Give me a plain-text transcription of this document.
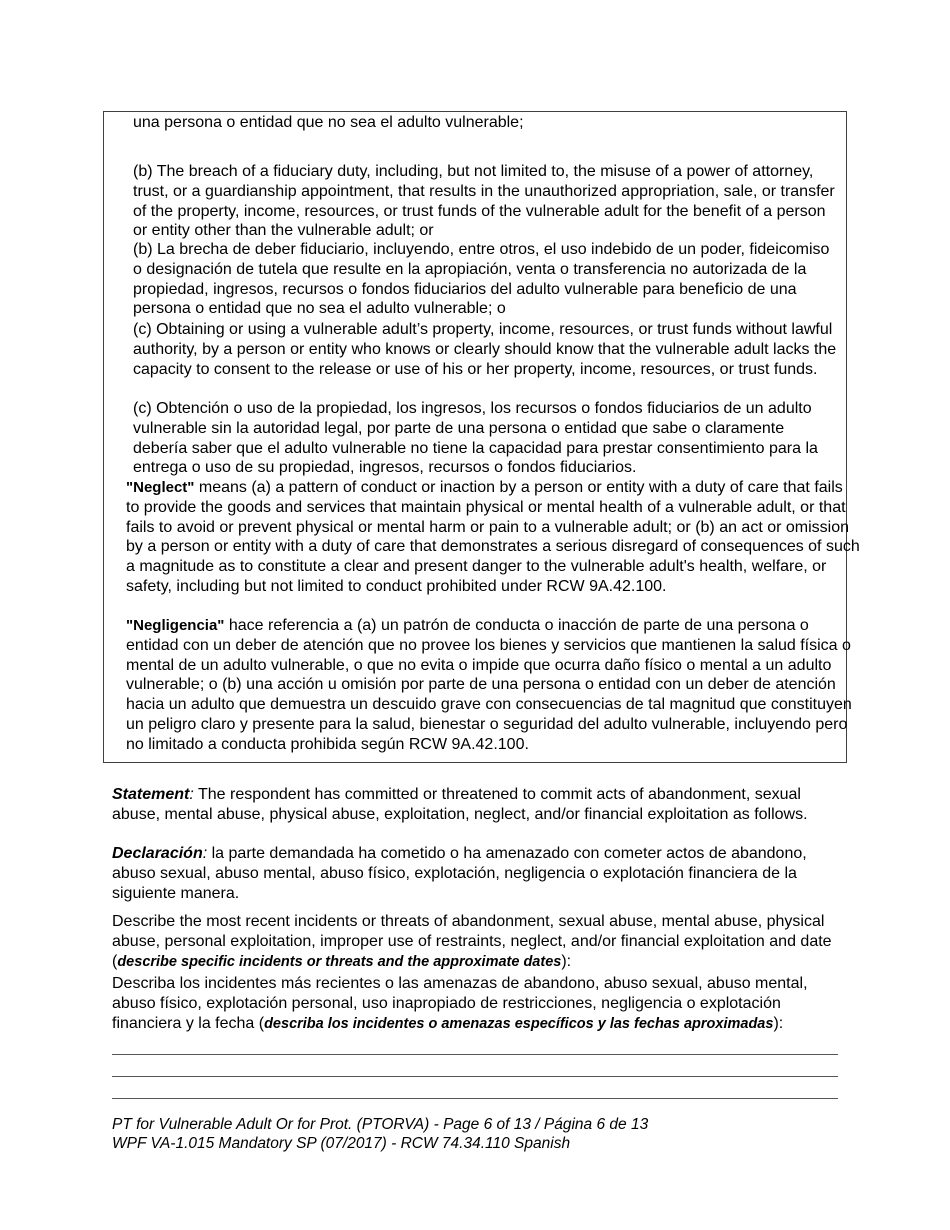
una persona o entidad que no sea el adulto vulnerable;
(b) The breach of a fiduciary duty, including, but not limited to, the misuse of a power of attorney, trust, or a guardianship appointment, that results in the unauthorized appropriation, sale, or transfer of the property, income, resources, or trust funds of the vulnerable adult for the benefit of a person or entity other than the vulnerable adult; or
(b) La brecha de deber fiduciario, incluyendo, entre otros, el uso indebido de un poder, fideicomiso o designación de tutela que resulte en la apropiación, venta o transferencia no autorizada de la propiedad, ingresos, recursos o fondos fiduciarios del adulto vulnerable para beneficio de una persona o entidad que no sea el adulto vulnerable; o
(c) Obtaining or using a vulnerable adult’s property, income, resources, or trust funds without lawful authority, by a person or entity who knows or clearly should know that the vulnerable adult lacks the capacity to consent to the release or use of his or her property, income, resources, or trust funds.
(c) Obtención o uso de la propiedad, los ingresos, los recursos o fondos fiduciarios de un adulto vulnerable sin la autoridad legal, por parte de una persona o entidad que sabe o claramente debería saber que el adulto vulnerable no tiene la capacidad para prestar consentimiento para la entrega o uso de su propiedad, ingresos, recursos o fondos fiduciarios.
"Neglect" means (a) a pattern of conduct or inaction by a person or entity with a duty of care that fails to provide the goods and services that maintain physical or mental health of a vulnerable adult, or that fails to avoid or prevent physical or mental harm or pain to a vulnerable adult; or (b) an act or omission by a person or entity with a duty of care that demonstrates a serious disregard of consequences of such a magnitude as to constitute a clear and present danger to the vulnerable adult's health, welfare, or safety, including but not limited to conduct prohibited under RCW 9A.42.100.
"Negligencia" hace referencia a (a) un patrón de conducta o inacción de parte de una persona o entidad con un deber de atención que no provee los bienes y servicios que mantienen la salud física o mental de un adulto vulnerable, o que no evita o impide que ocurra daño físico o mental a un adulto vulnerable; o (b) una acción u omisión por parte de una persona o entidad con un deber de atención hacia un adulto que demuestra un descuido grave con consecuencias de tal magnitud que constituyen un peligro claro y presente para la salud, bienestar o seguridad del adulto vulnerable, incluyendo pero no limitado a conducta prohibida según RCW 9A.42.100.
Statement: The respondent has committed or threatened to commit acts of abandonment, sexual abuse, mental abuse, physical abuse, exploitation, neglect, and/or financial exploitation as follows.
Declaración: la parte demandada ha cometido o ha amenazado con cometer actos de abandono, abuso sexual, abuso mental, abuso físico, explotación, negligencia o explotación financiera de la siguiente manera.
Describe the most recent incidents or threats of abandonment, sexual abuse, mental abuse, physical abuse, personal exploitation, improper use of restraints, neglect, and/or financial exploitation and date (describe specific incidents or threats and the approximate dates):
Describa los incidentes más recientes o las amenazas de abandono, abuso sexual, abuso mental, abuso físico, explotación personal, uso inapropiado de restricciones, negligencia o explotación financiera y la fecha (describa los incidentes o amenazas específicos y las fechas aproximadas):
PT for Vulnerable Adult Or for Prot. (PTORVA) - Page 6 of 13 / Página 6 de 13
WPF VA-1.015 Mandatory SP (07/2017) - RCW 74.34.110 Spanish
